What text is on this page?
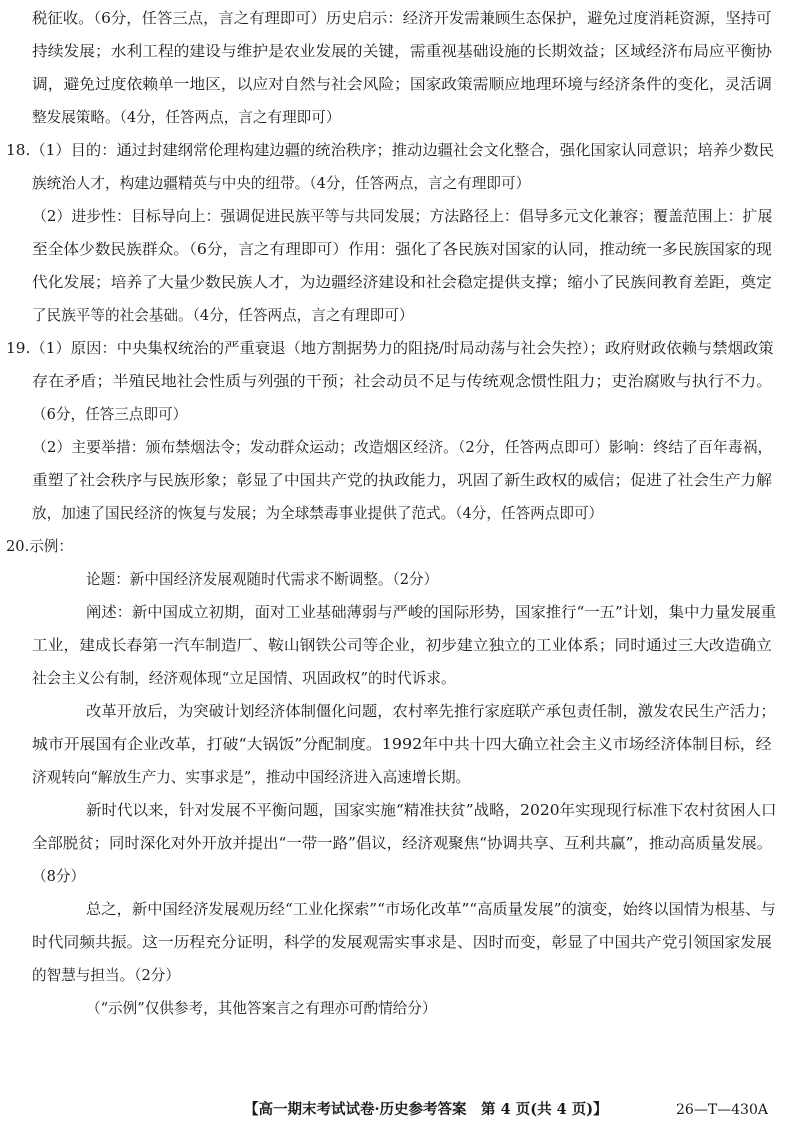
税征收。（6分，任答三点，言之有理即可）历史启示：经济开发需兼顾生态保护，避免过度消耗资源，坚持可
持续发展；水利工程的建设与维护是农业发展的关键，需重视基础设施的长期效益；区域经济布局应平衡协
调，避免过度依赖单一地区，以应对自然与社会风险；国家政策需顺应地理环境与经济条件的变化，灵活调
整发展策略。（4分，任答两点，言之有理即可）
18.（1）目的：通过封建纲常伦理构建边疆的统治秩序；推动边疆社会文化整合，强化国家认同意识；培养少数民
族统治人才，构建边疆精英与中央的纽带。（4分，任答两点，言之有理即可）
（2）进步性：目标导向上：强调促进民族平等与共同发展；方法路径上：倡导多元文化兼容；覆盖范围上：扩展
至全体少数民族群众。（6分，言之有理即可）作用：强化了各民族对国家的认同，推动统一多民族国家的现
代化发展；培养了大量少数民族人才，为边疆经济建设和社会稳定提供支撑；缩小了民族间教育差距，奠定
了民族平等的社会基础。（4分，任答两点，言之有理即可）
19.（1）原因：中央集权统治的严重衰退（地方割据势力的阻挠/时局动荡与社会失控）；政府财政依赖与禁烟政策
存在矛盾；半殖民地社会性质与列强的干预；社会动员不足与传统观念惯性阻力；吏治腐败与执行不力。
（6分，任答三点即可）
（2）主要举措：颁布禁烟法令；发动群众运动；改造烟区经济。（2分，任答两点即可）影响：终结了百年毒祸，
重塑了社会秩序与民族形象；彰显了中国共产党的执政能力，巩固了新生政权的威信；促进了社会生产力解
放，加速了国民经济的恢复与发展；为全球禁毒事业提供了范式。（4分，任答两点即可）
20.示例：
论题：新中国经济发展观随时代需求不断调整。（2分）
阐述：新中国成立初期，面对工业基础薄弱与严峻的国际形势，国家推行“一五”计划，集中力量发展重
工业，建成长春第一汽车制造厂、鞍山钢铁公司等企业，初步建立独立的工业体系；同时通过三大改造确立
社会主义公有制，经济观体现“立足国情、巩固政权”的时代诉求。
改革开放后，为突破计划经济体制僵化问题，农村率先推行家庭联产承包责任制，激发农民生产活力；
城市开展国有企业改革，打破“大锅饭”分配制度。1992年中共十四大确立社会主义市场经济体制目标，经
济观转向“解放生产力、实事求是”，推动中国经济进入高速增长期。
新时代以来，针对发展不平衡问题，国家实施“精准扶贫”战略，2020年实现现行标准下农村贫困人口
全部脱贫；同时深化对外开放并提出“一带一路”倡议，经济观聚焦“协调共享、互利共赢”，推动高质量发展。
（8分）
总之，新中国经济发展观历经“工业化探索”“市场化改革”“高质量发展”的演变，始终以国情为根基、与
时代同频共振。这一历程充分证明，科学的发展观需实事求是、因时而变，彰显了中国共产党引领国家发展
的智慧与担当。（2分）
（“示例”仅供参考，其他答案言之有理亦可酌情给分）
【高一期末考试试卷·历史参考答案　第 4 页(共 4 页)】	26—T—430A
